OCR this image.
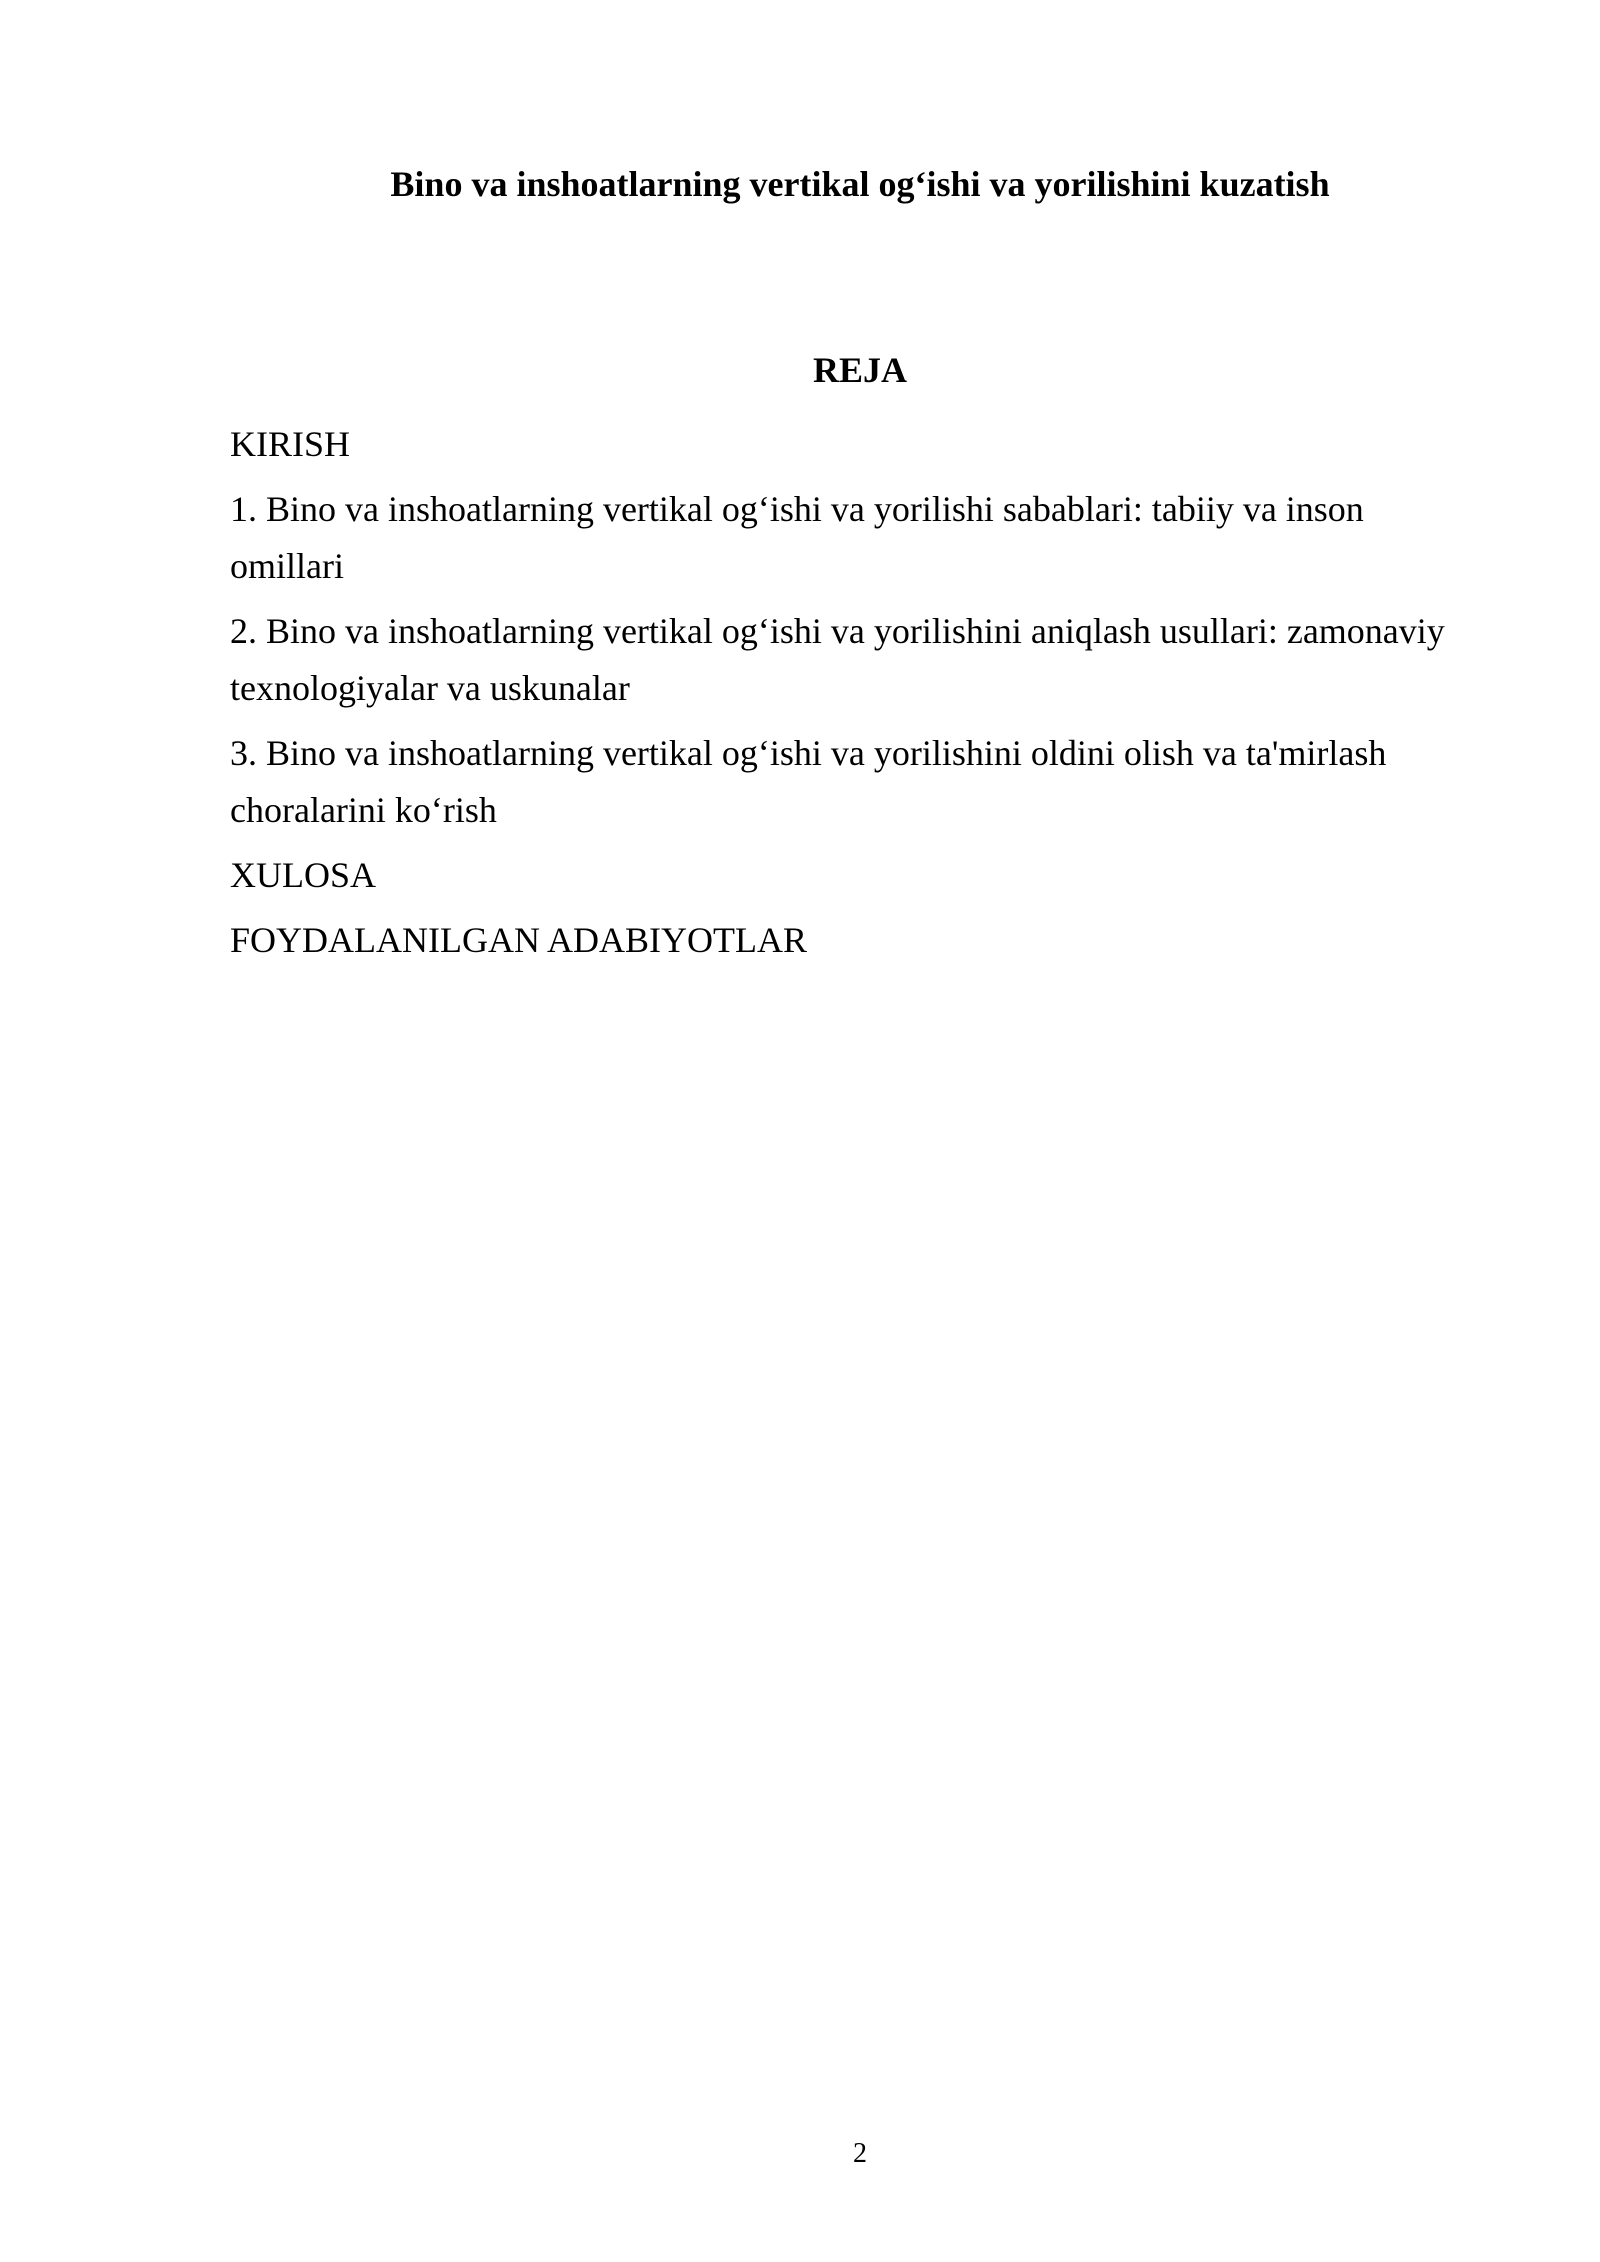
Bino va inshoatlarning vertikal og‘ishi va yorilishini kuzatish
REJA
KIRISH
1. Bino va inshoatlarning vertikal og‘ishi va yorilishi sabablari: tabiiy va inson omillari
2. Bino va inshoatlarning vertikal og‘ishi va yorilishini aniqlash usullari: zamonaviy texnologiyalar va uskunalar
3. Bino va inshoatlarning vertikal og‘ishi va yorilishini oldini olish va ta'mirlash choralarini ko‘rish
XULOSA
FOYDALANILGAN ADABIYOTLAR
2
